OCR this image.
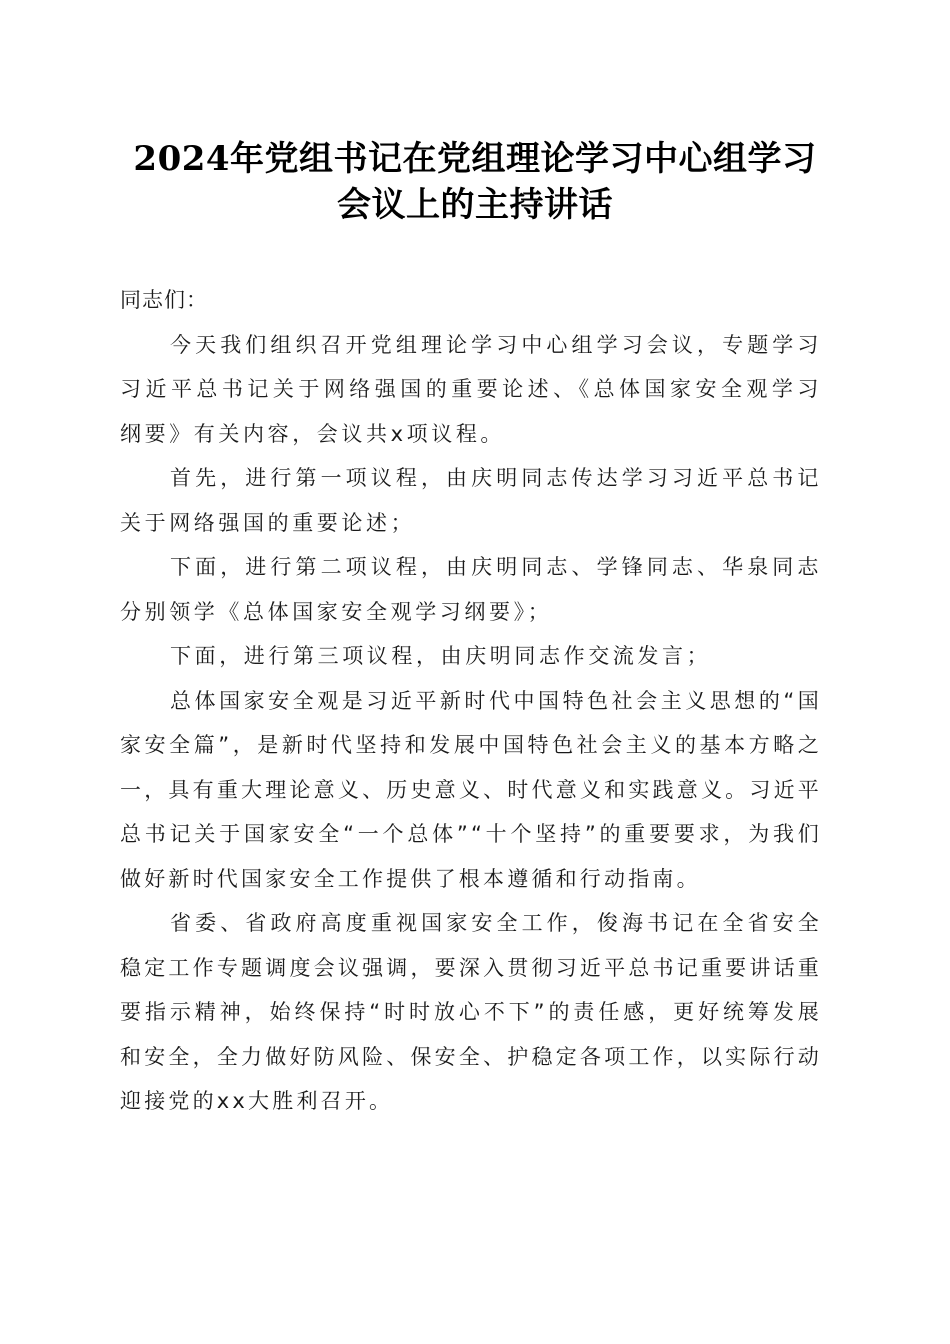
2024年党组书记在党组理论学习中心组学习
会议上的主持讲话

同志们：

今天我们组织召开党组理论学习中心组学习会议，专题学习习近平总书记关于网络强国的重要论述、《总体国家安全观学习纲要》有关内容，会议共x项议程。

首先，进行第一项议程，由庆明同志传达学习习近平总书记关于网络强国的重要论述；

下面，进行第二项议程，由庆明同志、学锋同志、华泉同志分别领学《总体国家安全观学习纲要》；

下面，进行第三项议程，由庆明同志作交流发言；

总体国家安全观是习近平新时代中国特色社会主义思想的“国家安全篇”，是新时代坚持和发展中国特色社会主义的基本方略之一，具有重大理论意义、历史意义、时代意义和实践意义。习近平总书记关于国家安全“一个总体”“十个坚持”的重要要求，为我们做好新时代国家安全工作提供了根本遵循和行动指南。

省委、省政府高度重视国家安全工作，俊海书记在全省安全稳定工作专题调度会议强调，要深入贯彻习近平总书记重要讲话重要指示精神，始终保持“时时放心不下”的责任感，更好统筹发展和安全，全力做好防风险、保安全、护稳定各项工作，以实际行动迎接党的xx大胜利召开。
